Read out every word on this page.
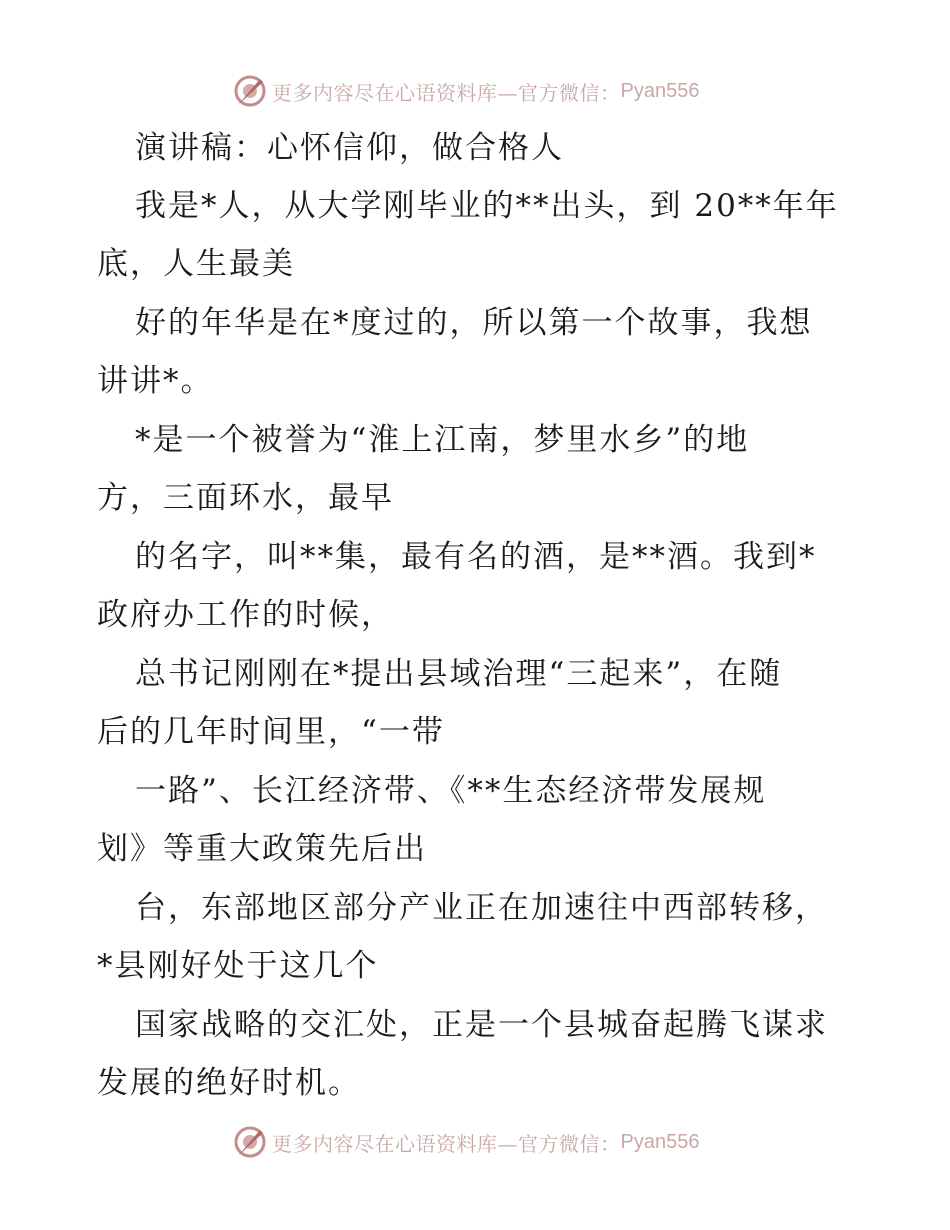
更多内容尽在心语资料库—官方微信： Pyan556
演讲稿：心怀信仰，做合格人
我是*人，从大学刚毕业的**出头，到 20**年年
底，人生最美
好的年华是在*度过的，所以第一个故事，我想
讲讲*。
*是一个被誉为“淮上江南，梦里水乡”的地
方，三面环水，最早
的名字，叫**集，最有名的酒，是**酒。我到*
政府办工作的时候，
总书记刚刚在*提出县域治理“三起来”，在随
后的几年时间里，“一带
一路”、长江经济带、《**生态经济带发展规
划》等重大政策先后出
台，东部地区部分产业正在加速往中西部转移，
*县刚好处于这几个
国家战略的交汇处，正是一个县城奋起腾飞谋求
发展的绝好时机。
更多内容尽在心语资料库—官方微信： Pyan556
